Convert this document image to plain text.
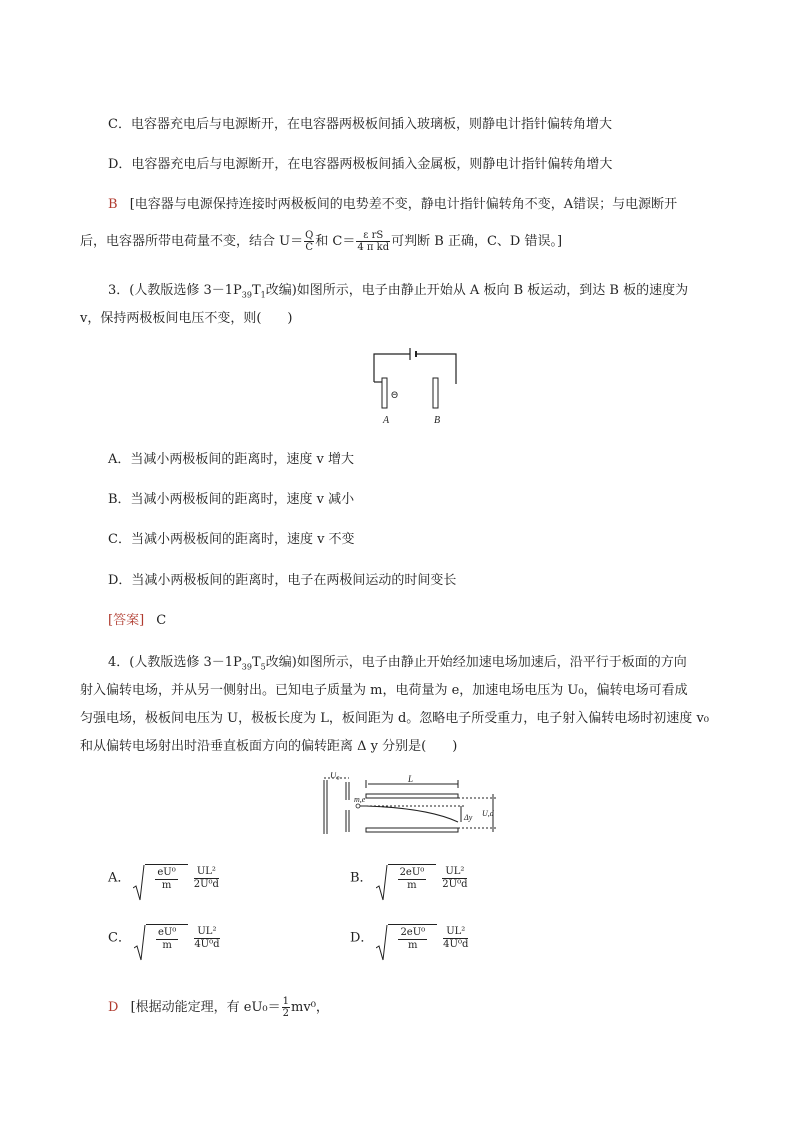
C．电容器充电后与电源断开，在电容器两极板间插入玻璃板，则静电计指针偏转角增大
D．电容器充电后与电源断开，在电容器两极板间插入金属板，则静电计指针偏转角增大
B [电容器与电源保持连接时两极板间的电势差不变，静电计指针偏转角不变，A错误；与电源断开
后，电容器所带电荷量不变，结合 $U= \frac{Q}{C}$ 和 $C= \frac{\text{ε rS}}{\text{4 π kd}}$ 可判断 B 正确，C、D 错误。]
3．(人教版选修 $3-1P_{39}T_1$改编)如图所示，电子由静止开始从 A 板向 B 板运动，到达 B 板的速度为
v，保持两极板间电压不变，则(　　)
Θ
A	B
A．当减小两极板间的距离时，速度 v 增大
B．当减小两极板间的距离时，速度 v 减小
C．当减小两极板间的距离时，速度 v 不变
D．当减小两极板间的距离时，电子在两极间运动的时间变长
[答案] C
4．(人教版选修 $3-1P_{39}T_5$改编)如图所示，电子由静止开始经加速电场加速后，沿平行于板面的方向
射入偏转电场，并从另一侧射出。已知电子质量为 m，电荷量为 e，加速电场电压为 U₀，偏转电场可看成
匀强电场，极板间电压为 U，极板长度为 L，板间距为 d。忽略电子所受重力，电子射入偏转电场时初速度 v₀
和从偏转电场射出时沿垂直板面方向的偏转距离 Δ y 分别是(　　)
U₀	L
m,e
Δy U,d
A．	$\frac{\text{eU⁰}}{m} \frac{\text{UL²}}{\text{2U⁰d}}$	B．	$\frac{\text{2eU⁰}}{m} \frac{\text{UL²}}{\text{2U⁰d}}$
C．	$\frac{\text{eU⁰}}{m} \frac{\text{UL²}}{\text{4U⁰d}}$	D．	$\frac{\text{2eU⁰}}{m} \frac{\text{UL²}}{\text{4U⁰d}}$
D [根据动能定理，有 $eU_0= \frac{1}{2} mv^0$，
